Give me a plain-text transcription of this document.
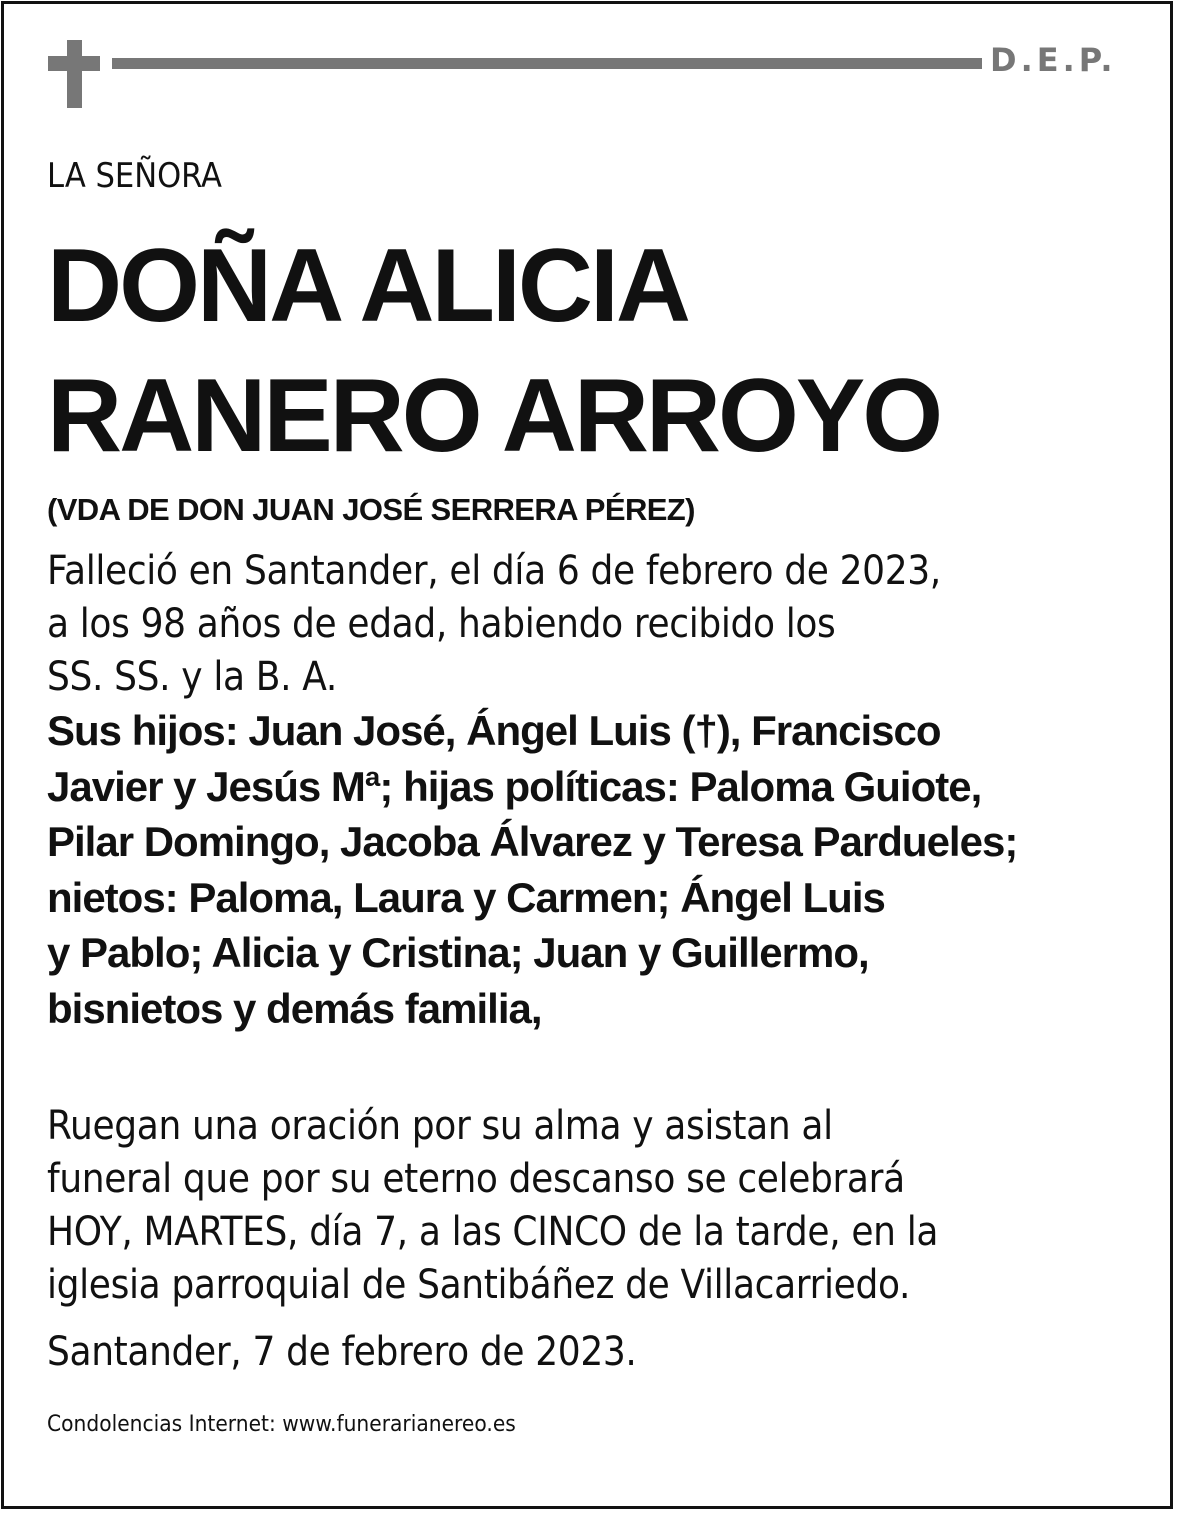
D.E.P.
LA SEÑORA
DOÑA ALICIA
RANERO ARROYO
(VDA DE DON JUAN JOSÉ SERRERA PÉREZ)

Falleció en Santander, el día 6 de febrero de 2023,
a los 98 años de edad, habiendo recibido los
SS. SS. y la B. A.

Sus hijos: Juan José, Ángel Luis (†), Francisco
Javier y Jesús Mª; hijas políticas: Paloma Guiote,
Pilar Domingo, Jacoba Álvarez y Teresa Pardueles;
nietos: Paloma, Laura y Carmen; Ángel Luis
y Pablo; Alicia y Cristina; Juan y Guillermo,
bisnietos y demás familia,

Ruegan una oración por su alma y asistan al
funeral que por su eterno descanso se celebrará
HOY, MARTES, día 7, a las CINCO de la tarde, en la
iglesia parroquial de Santibáñez de Villacarriedo.

Santander, 7 de febrero de 2023.

Condolencias Internet: www.funerarianereo.es
